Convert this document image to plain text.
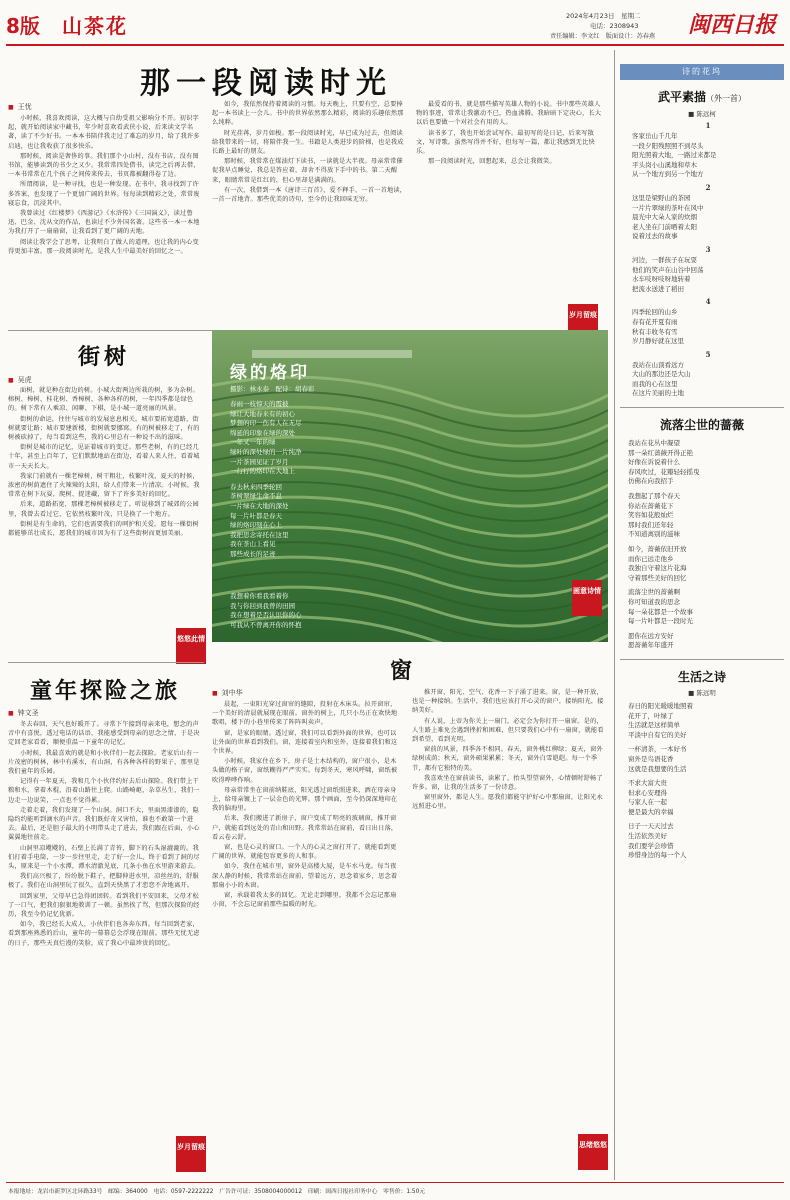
8版 山茶花	2024年4月23日　星期二
电话：2308943
责任编辑：李文红　版面设计：苏春燕 闽西日报
那一段阅读时光
■ 王忧

小时候，我喜欢阅读，这大概与自幼受祖父影响分不开。初识字起，就开始阅读家中藏书，年少时喜欢看武侠小说，后来读文学名著，读了不少好书。一本本书陪伴我走过了难忘的岁月，给了我许多启迪，也让我收获了很多快乐。

那时候，阅读是奢侈的事。我们那个小山村，没有书店，没有图书馆，能够读到的书少之又少。我常常四处借书，读完之后再去借，一本书常常在几个孩子之间传来传去，书页都被翻得卷了边。

所谓阅读，是一种寻找，也是一种发现。在书中，我寻找到了许多答案，也发现了一个更加广阔的世界。每每读到精彩之处，常常废寝忘食，沉浸其中。

我曾读过《红楼梦》《西游记》《水浒传》《三国演义》，读过鲁迅、巴金、沈从文的作品，也读过不少外国名著。这些书一本一本地为我打开了一扇扇窗，让我看到了更广阔的天地。

阅读让我学会了思考，让我明白了做人的道理，也让我的内心变得更加丰富。那一段阅读时光，是我人生中最美好的回忆之一。

如今，我依然保持着阅读的习惯。每天晚上，只要有空，总要捧起一本书读上一会儿。书中的世界依然那么精彩，阅读的乐趣依然那么纯粹。

时光荏苒，岁月如梭。那一段阅读时光，早已成为过去，但阅读给我带来的一切，将陪伴我一生。书籍是人类进步的阶梯，也是我成长路上最好的朋友。

那时候，我常常在煤油灯下读书，一读就是大半夜。母亲常常催促我早点睡觉，我总是答应着，却舍不得放下手中的书。第二天醒来，眼睛常常是红红的，但心里却是满满的。

有一次，我借到一本《唐诗三百首》，爱不释手，一首一首地读，一首一首地背。那些优美的诗句，至今仍让我回味无穷。

最爱看的书，就是那些描写英雄人物的小说。书中那些英雄人物的事迹，常常让我激动不已，热血沸腾。我暗暗下定决心，长大以后也要做一个对社会有用的人。

读书多了，我也开始尝试写作。最初写的是日记，后来写散文，写诗歌。虽然写得并不好，但每写一篇，都让我感到无比快乐。

那一段阅读时光，回想起来，总会让我微笑。

岁月留痕
街树
■ 吴虎

面树，就是种在街边的树。小城大街两边所栽的树，多为杂树。榕树、樟树、桂花树、香樟树，各种各样的树，一年四季都是绿色的。树下常有人乘凉、闲聊、下棋，是小城一道亮丽的风景。

街树的命运，往往与城市的发展息息相关。城市要拓宽道路，街树就要让路；城市要建新楼，街树就要挪窝。有的树被移走了，有的树被砍掉了，每当看到这些，我的心里总有一种说不出的滋味。

街树是城市的记忆，见证着城市的变迁。那些老树，有的已经几十年，甚至上百年了，它们默默地站在街边，看着人来人往，看着城市一天天长大。

我家门前就有一棵老樟树，树干粗壮，枝繁叶茂，夏天的时候，浓密的树荫遮住了火辣辣的太阳，给人们带来一片清凉。小时候，我常常在树下玩耍，爬树、捉迷藏，留下了许多美好的回忆。

后来，道路拓宽，那棵老樟树被移走了。听说移到了城郊的公园里，我曾去看过它，它依然枝繁叶茂，只是换了一个地方。

街树是有生命的，它们也需要我们的呵护和关爱。愿每一棵街树都能够茁壮成长，愿我们的城市因为有了这些街树而更加美丽。

悠悠此情
绿的烙印
摄影：林永泰　配诗：胡春彩
春雨一枝惊天的霞披
绿让大地春来有的初心
梦想的印一伤有人在无尽
绵延的印象在绿的深处
一年又一年的绿
绿叶的深处绿的一片纯净
一片茶园见证了岁月
一行行的烙印在大地上
春去秋来四季轮回
茶树翠绿生命不息
一片绿在大地的深处
每一片叶都是春天
绿的烙印刻在心上
我把思念寄托在这里
我在茶山上看见
那些成长的足迹
我想着你看我看着你
我与你回到我曾的田园
我在想着是否认识你的心
可我从不曾离开你的怀抱
画意诗情
童年探险之旅
■ 钟文圣

冬去春回，天气也好暖开了。寻常下午接到母亲来电，想念的声音中有喜悦，透过电话的话语，我能感受到母亲的思念之情，于是决定回老家看看，顺便重温一下童年的记忆。

小时候，我最喜欢的就是和小伙伴们一起去探险。老家后山有一片茂密的树林，林中有溪水，有山洞，有各种各样的野果子，那里是我们童年的乐园。

记得有一年夏天，我和几个小伙伴约好去后山探险。我们带上干粮和水，拿着木棍，沿着山路往上爬。山路崎岖，杂草丛生，我们一边走一边说笑，一点也不觉得累。

走着走着，我们发现了一个山洞。洞口不大，里面黑漆漆的，隐隐约约能听到滴水的声音。我们既好奇又害怕，谁也不敢第一个进去。最后，还是胆子最大的小明带头走了进去，我们跟在后面，小心翼翼地往前走。

山洞里凉飕飕的，石壁上长满了青苔，脚下的石头湿漉漉的。我们打着手电筒，一步一步往里走，走了好一会儿，终于看到了洞的尽头，原来是一个小水潭，潭水清澈见底，几条小鱼在水里游来游去。

我们高兴极了，纷纷脱下鞋子，把脚伸进水里，凉丝丝的，舒服极了。我们在山洞里玩了很久，直到天快黑了才恋恋不舍地离开。

回到家里，父母早已急得团团转。看到我们平安回来，父母才松了一口气，把我们狠狠地教训了一顿。虽然挨了骂，但那次探险的经历，我至今仍记忆犹新。

如今，我已经长大成人，小伙伴们也各奔东西。每当回到老家，看到那座熟悉的后山，童年的一幕幕总会浮现在眼前。那些无忧无虑的日子，那些天真烂漫的笑脸，成了我心中最珍贵的回忆。

岁月留痕
窗
■ 刘中华

晨起，一束阳光穿过窗帘的缝隙，投射在木床头。拉开窗帘，一个美好的清晨就展现在眼前。窗外的树上，几只小鸟正在欢快地歌唱，楼下的小巷里传来了阵阵叫卖声。

窗，是家的眼睛。透过窗，我们可以看到外面的世界，也可以让外面的世界看到我们。窗，连接着室内和室外，连接着我们和这个世界。

小时候，我家住在乡下，房子是土木结构的，窗户很小，是木头做的格子窗，窗纸糊得严严实实。每到冬天，寒风呼啸，窗纸被吹得哗哗作响。

母亲常常坐在窗前纳鞋底，阳光透过窗纸照进来，洒在母亲身上，给母亲镀上了一层金色的光辉。那个画面，至今仍深深地印在我的脑海里。

后来，我们搬进了新房子，窗户变成了明亮的玻璃窗，推开窗户，就能看到远处的青山和田野。我常常站在窗前，看日出日落，看云卷云舒。

窗，也是心灵的窗口。一个人的心灵之窗打开了，就能看到更广阔的世界，就能包容更多的人和事。

如今，我住在城市里，窗外是高楼大厦，是车水马龙。每当夜深人静的时候，我常常站在窗前，望着远方，思念着家乡，思念着那扇小小的木窗。

窗，承载着我太多的回忆。无论走到哪里，我都不会忘记那扇小窗，不会忘记窗前那些温暖的时光。

推开窗，阳光、空气、花香一下子涌了进来。窗，是一种开放，也是一种接纳。生活中，我们也应该打开心灵的窗户，接纳阳光，接纳美好。

有人说，上帝为你关上一扇门，必定会为你打开一扇窗。是的，人生路上难免会遇到挫折和困难，但只要我们心中有一扇窗，就能看到希望，看到光明。

窗前的风景，四季各不相同。春天，窗外桃红柳绿；夏天，窗外绿树成荫；秋天，窗外硕果累累；冬天，窗外白雪皑皑。每一个季节，都有它独特的美。

我喜欢坐在窗前读书，读累了，抬头望望窗外，心情顿时舒畅了许多。窗，让我的生活多了一份诗意。

窗里窗外，都是人生。愿我们都能守护好心中那扇窗，让阳光永远照进心里。

思绪悠悠
诗的花坞
武平素描（外一首）
■ 陈远柯
1
客家岳山千几年
一段夕阳残照照不到尽头
阳光照着大地，一路过来都是
平头岗小山溪地和草木
从一个地方到另一个地方
2
这里是梁野山的茶园
一片片翠绿的茶叶在风中
晨光中大朵人家的炊烟
老人坐在门前晒着太阳
说着过去的故事
3
河边，一群孩子在玩耍
他们的笑声在山谷中回荡
水车吱呀吱呀地转着
把流水送进了稻田
4
四季轮回的山乡
春有花开夏有雨
秋有丰收冬有雪
岁月静好就在这里
5
我站在山顶看远方
大山的那边还是大山
而我的心在这里
在这片美丽的土地
流落尘世的蔷薇
我站在花丛中凝望
那一朵红蔷薇开得正艳
好像在诉说着什么
春风吹过，花瓣轻轻摇曳
仿佛在向我招手
我想起了那个春天
你站在蔷薇花下
笑容如花般灿烂
那时我们还年轻
不知道离别的滋味
如今，蔷薇依旧开放
而你已远走他乡
我独自守着这片花海
守着那些美好的回忆
流落尘世的蔷薇啊
你可知道我的思念
每一朵花都是一个故事
每一片叶都是一段时光
愿你在远方安好
愿蔷薇年年盛开
生活之诗
■ 陈远明
春日的阳光暖暖地照着
花开了，叶绿了
生活就是这样简单
平淡中自有它的美好
一杯清茶，一本好书
窗外是鸟语花香
这就是我想要的生活
不求大富大贵
但求心安理得
与家人在一起
便是最大的幸福
日子一天天过去
生活依然美好
我们要学会珍惜
珍惜身边的每一个人
本报地址：龙岩市新罗区北环路33号　邮编：364000　电话：0597-2222222　广告许可证：3508004000012　印刷：闽西日报社印务中心　零售价：1.50元
